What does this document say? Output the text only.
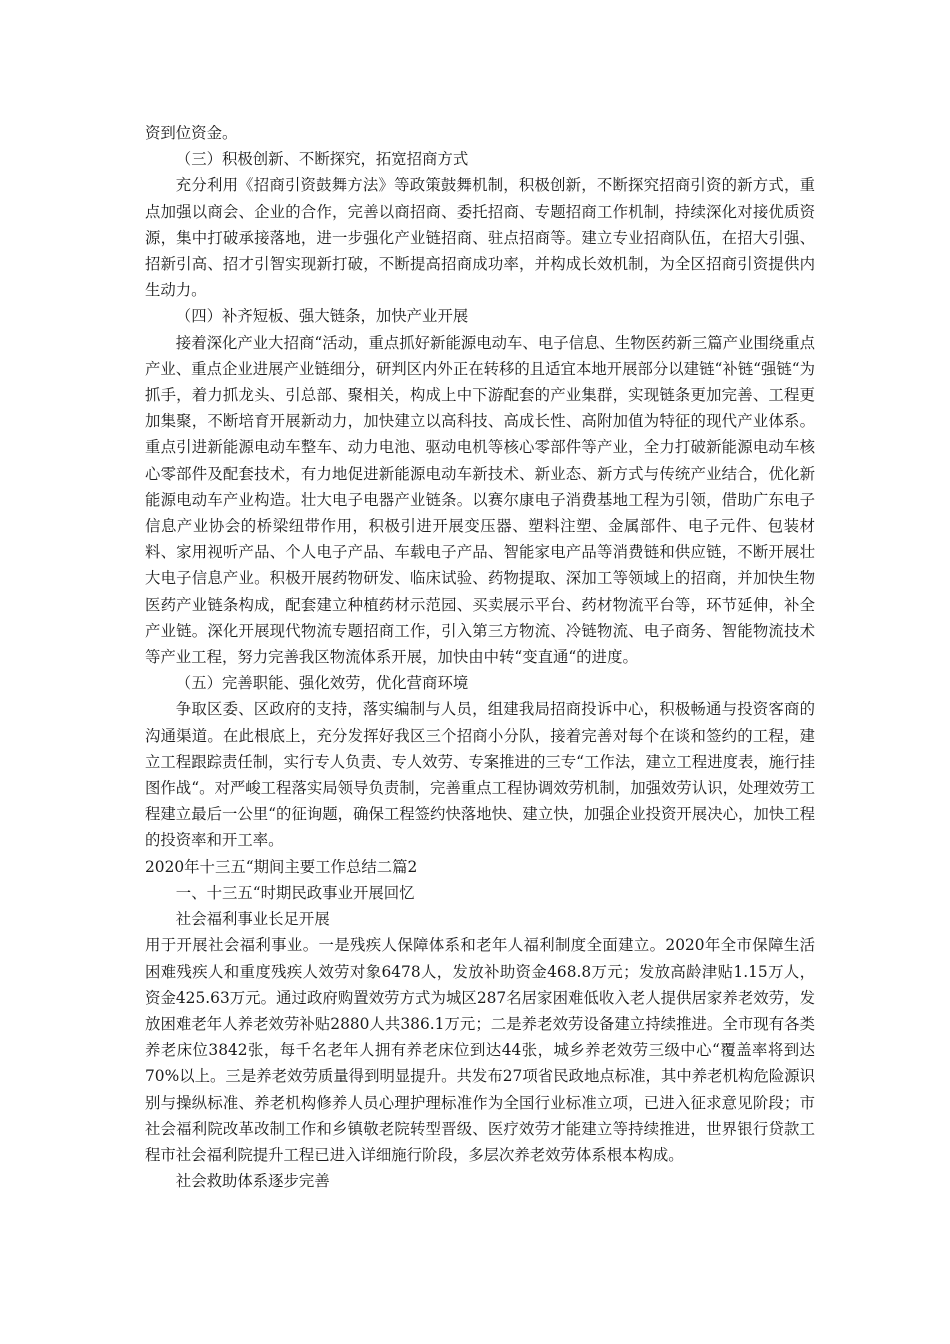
资到位资金。

（三）积极创新、不断探究，拓宽招商方式

充分利用《招商引资鼓舞方法》等政策鼓舞机制，积极创新，不断探究招商引资的新方式，重点加强以商会、企业的合作，完善以商招商、委托招商、专题招商工作机制，持续深化对接优质资源，集中打破承接落地，进一步强化产业链招商、驻点招商等。建立专业招商队伍，在招大引强、招新引高、招才引智实现新打破，不断提高招商成功率，并构成长效机制，为全区招商引资提供内生动力。

（四）补齐短板、强大链条，加快产业开展

接着深化产业大招商“活动，重点抓好新能源电动车、电子信息、生物医药新三篇产业围绕重点产业、重点企业进展产业链细分，研判区内外正在转移的且适宜本地开展部分以建链“补链“强链“为抓手，着力抓龙头、引总部、聚相关，构成上中下游配套的产业集群，实现链条更加完善、工程更加集聚，不断培育开展新动力，加快建立以高科技、高成长性、高附加值为特征的现代产业体系。重点引进新能源电动车整车、动力电池、驱动电机等核心零部件等产业，全力打破新能源电动车核心零部件及配套技术，有力地促进新能源电动车新技术、新业态、新方式与传统产业结合，优化新能源电动车产业构造。壮大电子电器产业链条。以赛尔康电子消费基地工程为引领，借助广东电子信息产业协会的桥梁纽带作用，积极引进开展变压器、塑料注塑、金属部件、电子元件、包装材料、家用视听产品、个人电子产品、车载电子产品、智能家电产品等消费链和供应链，不断开展壮大电子信息产业。积极开展药物研发、临床试验、药物提取、深加工等领域上的招商，并加快生物医药产业链条构成，配套建立种植药材示范园、买卖展示平台、药材物流平台等，环节延伸，补全产业链。深化开展现代物流专题招商工作，引入第三方物流、冷链物流、电子商务、智能物流技术等产业工程，努力完善我区物流体系开展，加快由中转“变直通“的进度。

（五）完善职能、强化效劳，优化营商环境

争取区委、区政府的支持，落实编制与人员，组建我局招商投诉中心，积极畅通与投资客商的沟通渠道。在此根底上，充分发挥好我区三个招商小分队，接着完善对每个在谈和签约的工程，建立工程跟踪责任制，实行专人负责、专人效劳、专案推进的三专“工作法，建立工程进度表，施行挂图作战“。对严峻工程落实局领导负责制，完善重点工程协调效劳机制，加强效劳认识，处理效劳工程建立最后一公里“的征询题，确保工程签约快落地快、建立快，加强企业投资开展决心，加快工程的投资率和开工率。

2020年十三五“期间主要工作总结二篇2

一、十三五“时期民政事业开展回忆

社会福利事业长足开展

用于开展社会福利事业。一是残疾人保障体系和老年人福利制度全面建立。2020年全市保障生活困难残疾人和重度残疾人效劳对象6478人，发放补助资金468.8万元；发放高龄津贴1.15万人，资金425.63万元。通过政府购置效劳方式为城区287名居家困难低收入老人提供居家养老效劳，发放困难老年人养老效劳补贴2880人共386.1万元；二是养老效劳设备建立持续推进。全市现有各类养老床位3842张，每千名老年人拥有养老床位到达44张，城乡养老效劳三级中心“覆盖率将到达70%以上。三是养老效劳质量得到明显提升。共发布27项省民政地点标准，其中养老机构危险源识别与操纵标准、养老机构修养人员心理护理标准作为全国行业标准立项，已进入征求意见阶段；市社会福利院改革改制工作和乡镇敬老院转型晋级、医疗效劳才能建立等持续推进，世界银行贷款工程市社会福利院提升工程已进入详细施行阶段，多层次养老效劳体系根本构成。

社会救助体系逐步完善
